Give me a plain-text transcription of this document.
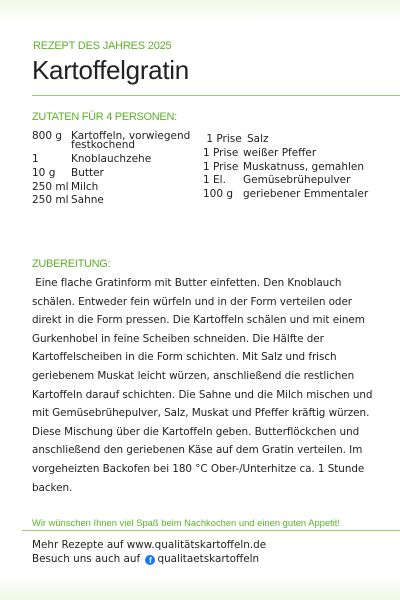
REZEPT DES JAHRES 2025
Kartoffelgratin
ZUTATEN FÜR 4 PERSONEN:
800 g Kartoffeln, vorwiegend festkochend
1	Knoblauchzehe
10 g	Butter
250 ml Milch
250 ml Sahne
1 Prise Salz
1 Prise weißer Pfeffer
1 Prise Muskatnuss, gemahlen
1 El.	Gemüsebrühepulver
100 g geriebener Emmentaler
ZUBEREITUNG:
Eine flache Gratinform mit Butter einfetten. Den Knoblauch schälen. Entweder fein würfeln und in der Form verteilen oder direkt in die Form pressen. Die Kartoffeln schälen und mit einem Gurkenhobel in feine Scheiben schneiden. Die Hälfte der Kartoffelscheiben in die Form schichten. Mit Salz und frisch geriebenem Muskat leicht würzen, anschließend die restlichen Kartoffeln darauf schichten. Die Sahne und die Milch mischen und mit Gemüsebrühepulver, Salz, Muskat und Pfeffer kräftig würzen. Diese Mischung über die Kartoffeln geben. Butterflöckchen und anschließend den geriebenen Käse auf dem Gratin verteilen. Im vorgeheizten Backofen bei 180 °C Ober-/Unterhitze ca. 1 Stunde backen.
Wir wünschen Ihnen viel Spaß beim Nachkochen und einen guten Appetit!
Mehr Rezepte auf www.qualitätskartoffeln.de
Besuch uns auch auf f qualitaetskartoffeln
